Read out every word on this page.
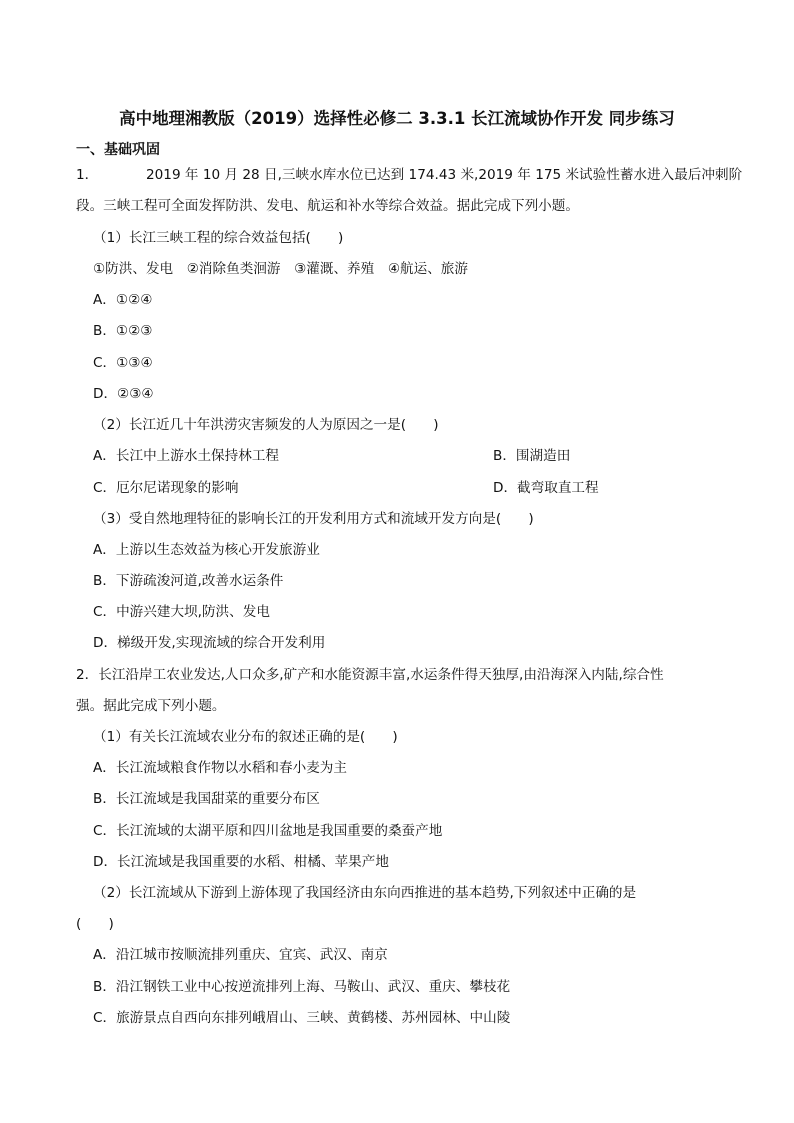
高中地理湘教版（2019）选择性必修二 3.3.1 长江流域协作开发 同步练习
一、基础巩固
1．	2019 年 10 月 28 日,三峡水库水位已达到 174.43 米,2019 年 175 米试验性蓄水进入最后冲刺阶
段。三峡工程可全面发挥防洪、发电、航运和补水等综合效益。据此完成下列小题。
（1）长江三峡工程的综合效益包括(　　)
①防洪、发电　②消除鱼类洄游　③灌溉、养殖　④航运、旅游
A．①②④
B．①②③
C．①③④
D．②③④
（2）长江近几十年洪涝灾害频发的人为原因之一是(　　)
A．长江中上游水土保持林工程	B．围湖造田
C．厄尔尼诺现象的影响	D．截弯取直工程
（3）受自然地理特征的影响长江的开发利用方式和流域开发方向是(　　)
A．上游以生态效益为核心开发旅游业
B．下游疏浚河道,改善水运条件
C．中游兴建大坝,防洪、发电
D．梯级开发,实现流域的综合开发利用
2．长江沿岸工农业发达,人口众多,矿产和水能资源丰富,水运条件得天独厚,由沿海深入内陆,综合性
强。据此完成下列小题。
（1）有关长江流域农业分布的叙述正确的是(　　)
A．长江流域粮食作物以水稻和春小麦为主
B．长江流域是我国甜菜的重要分布区
C．长江流域的太湖平原和四川盆地是我国重要的桑蚕产地
D．长江流域是我国重要的水稻、柑橘、苹果产地
（2）长江流域从下游到上游体现了我国经济由东向西推进的基本趋势,下列叙述中正确的是
(　　)
A．沿江城市按顺流排列重庆、宜宾、武汉、南京
B．沿江钢铁工业中心按逆流排列上海、马鞍山、武汉、重庆、攀枝花
C．旅游景点自西向东排列峨眉山、三峡、黄鹤楼、苏州园林、中山陵
